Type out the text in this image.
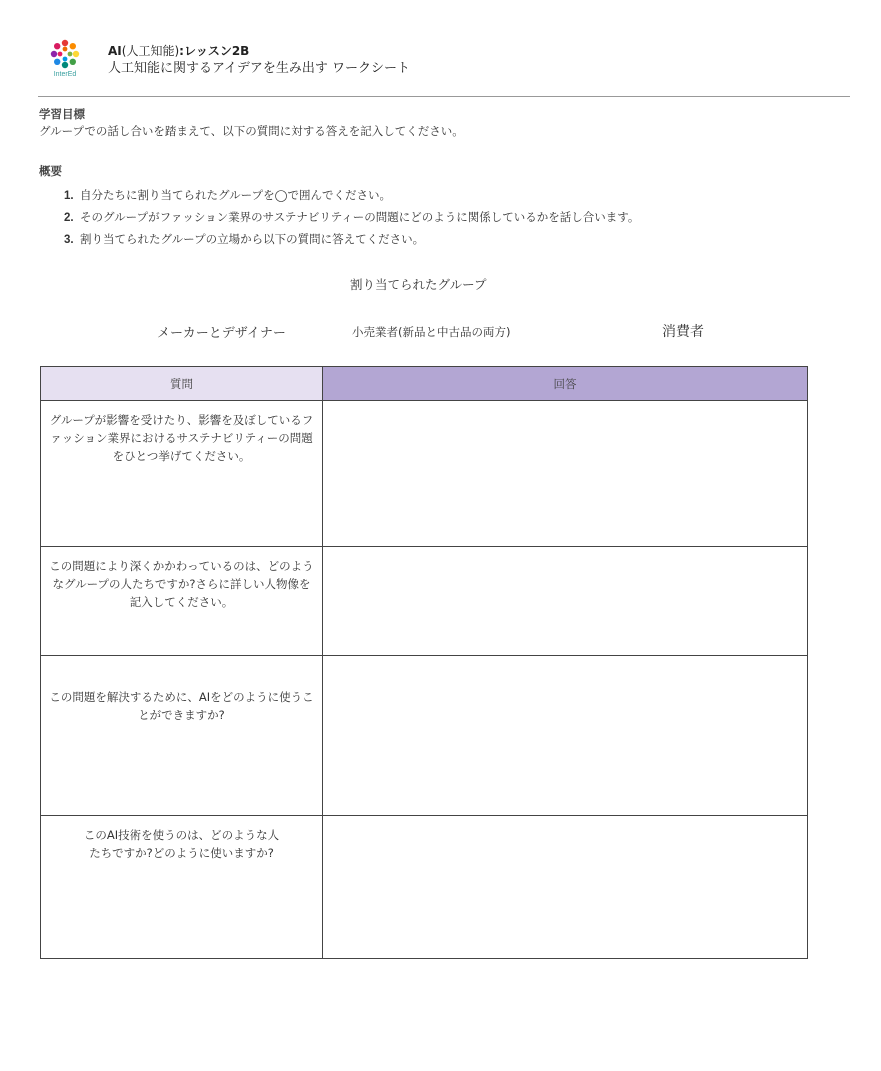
InterEd
AI(人工知能):レッスン2B
人工知能に関するアイデアを生み出す ワークシート
学習目標
グループでの話し合いを踏まえて、以下の質問に対する答えを記入してください。
概要
1. 自分たちに割り当てられたグループを◯で囲んでください。
2. そのグループがファッション業界のサステナビリティーの問題にどのように関係しているかを話し合います。
3. 割り当てられたグループの立場から以下の質問に答えてください。
割り当てられたグループ
メーカーとデザイナー	小売業者(新品と中古品の両方)	消費者
質問	回答

グループが影響を受けたり、影響を及ぼしているファッション業界におけるサステナビリティーの問題をひとつ挙げてください。	

この問題により深くかかわっているのは、どのようなグループの人たちですか?さらに詳しい人物像を記入してください。	

この問題を解決するために、AIをどのように使うことができますか?	

このAI技術を使うのは、どのような人たちですか?どのように使いますか?	
